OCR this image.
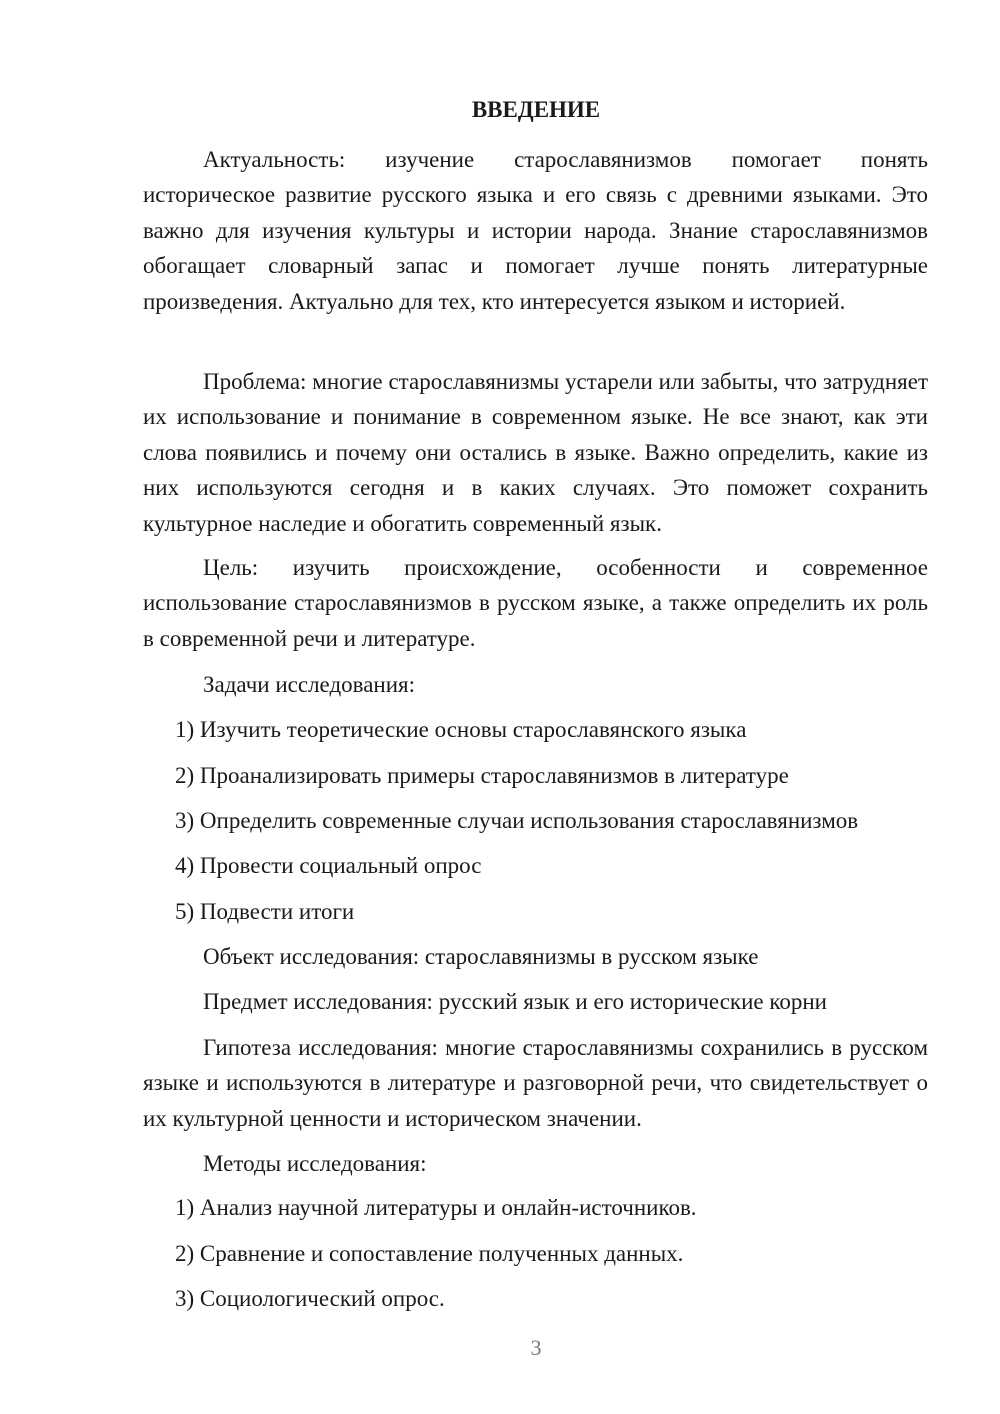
ВВЕДЕНИЕ

Актуальность: изучение старославянизмов помогает понять историческое развитие русского языка и его связь с древними языками. Это важно для изучения культуры и истории народа. Знание старославянизмов обогащает словарный запас и помогает лучше понять литературные произведения. Актуально для тех, кто интересуется языком и историей.

Проблема: многие старославянизмы устарели или забыты, что затрудняет их использование и понимание в современном языке. Не все знают, как эти слова появились и почему они остались в языке. Важно определить, какие из них используются сегодня и в каких случаях. Это поможет сохранить культурное наследие и обогатить современный язык.

Цель: изучить происхождение, особенности и современное использование старославянизмов в русском языке, а также определить их роль в современной речи и литературе.

Задачи исследования:

1) Изучить теоретические основы старославянского языка

2) Проанализировать примеры старославянизмов в литературе

3) Определить современные случаи использования старославянизмов

4) Провести социальный опрос

5) Подвести итоги

Объект исследования: старославянизмы в русском языке

Предмет исследования: русский язык и его исторические корни

Гипотеза исследования: многие старославянизмы сохранились в русском языке и используются в литературе и разговорной речи, что свидетельствует о их культурной ценности и историческом значении.

Методы исследования:

1) Анализ научной литературы и онлайн-источников.

2) Сравнение и сопоставление полученных данных.

3) Социологический опрос.

3
